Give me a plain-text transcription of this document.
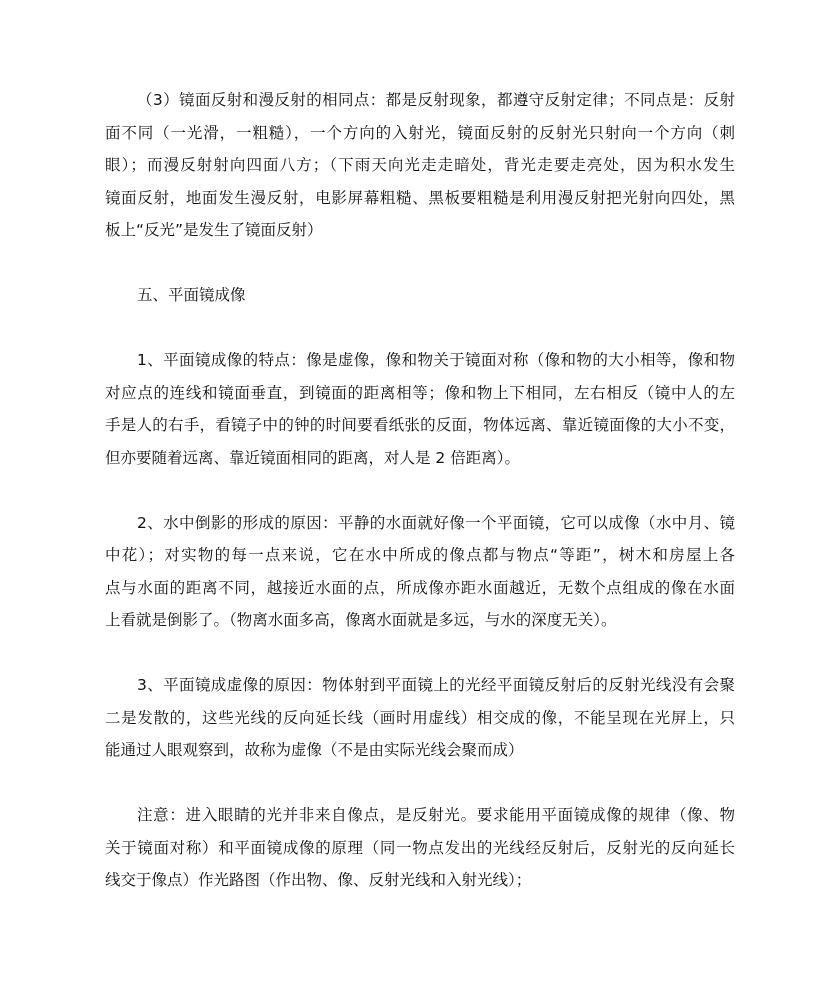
（3）镜面反射和漫反射的相同点：都是反射现象，都遵守反射定律；不同点是：反射
面不同（一光滑，一粗糙），一个方向的入射光，镜面反射的反射光只射向一个方向（刺
眼）；而漫反射射向四面八方；（下雨天向光走走暗处，背光走要走亮处，因为积水发生
镜面反射，地面发生漫反射，电影屏幕粗糙、黑板要粗糙是利用漫反射把光射向四处，黑
板上“反光”是发生了镜面反射）
五、平面镜成像
1、平面镜成像的特点：像是虚像，像和物关于镜面对称（像和物的大小相等，像和物
对应点的连线和镜面垂直，到镜面的距离相等；像和物上下相同，左右相反（镜中人的左
手是人的右手，看镜子中的钟的时间要看纸张的反面，物体远离、靠近镜面像的大小不变，
但亦要随着远离、靠近镜面相同的距离，对人是 2 倍距离）。
2、水中倒影的形成的原因：平静的水面就好像一个平面镜，它可以成像（水中月、镜
中花）；对实物的每一点来说，它在水中所成的像点都与物点“等距”，树木和房屋上各
点与水面的距离不同，越接近水面的点，所成像亦距水面越近，无数个点组成的像在水面
上看就是倒影了。（物离水面多高，像离水面就是多远，与水的深度无关）。
3、平面镜成虚像的原因：物体射到平面镜上的光经平面镜反射后的反射光线没有会聚
二是发散的，这些光线的反向延长线（画时用虚线）相交成的像，不能呈现在光屏上，只
能通过人眼观察到，故称为虚像（不是由实际光线会聚而成）
注意：进入眼睛的光并非来自像点，是反射光。要求能用平面镜成像的规律（像、物
关于镜面对称）和平面镜成像的原理（同一物点发出的光线经反射后，反射光的反向延长
线交于像点）作光路图（作出物、像、反射光线和入射光线）；
